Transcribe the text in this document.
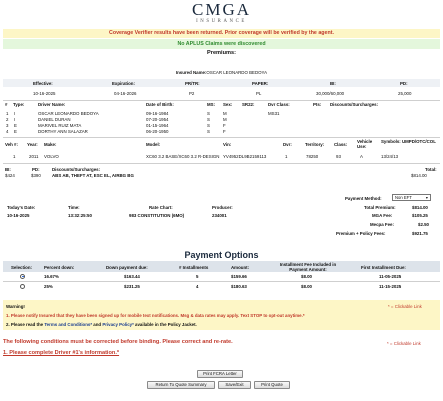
CMGA
INSURANCE
Coverage Verifier results have been returned. Prior coverage will be verified by the agent.
No APLUS Claims were discovered
Premiums:
Insured Name:OSCAR LEONARDO BEDOYA
Effective:	Expiration:	PR/TR:	PAPER:	BI:	PD:
10-16-2025	04-16-2026	P2	PL	30,000/60,000	25,000
# Type:	Driver Name:	Date of Birth:	MS: Sex: SR22:	Dvr Class:	Pts: Discounts/Surcharges:
1 I	OSCAR LEONARDO BEDOYA	09-16-1984	S	M	MS31
2 I	DANIEL DURAN	07-20-1954	S	M
3 E	MARIVEL RUIZ MATA	01-15-1964	S	F
4 E	DORTHY ANN SALAZAR	06-20-1950	S	F
Veh #: Year: Make:	Model:	Vin:	Dvr:	Territory: Class:
Vehicle Use:
Symbols: UMPD/OTC/COL
1	2011 VOLVO	XC60 3.2 BASE/XC60 3.2 R-DESIGN YV4952DL9B2159113	1	78250	93	A	13/24/13
BI:	PD:	Discounts/Surcharges:	Total:
$424	$390	ABS AB, THEFT AT, ESC EL, AIRBG BG	$814.00
Payment Method:	Non EFT	▾
Today's Date:	Time:	Rate Chart:	Producer:
10-16-2025	13:32:25:50	983 CONSTITUTION (6MO)	234001
Total Premium:	$814.00
MGA Fee:	$105.25
Mecpa Fee:	$2.50
Premium + Policy Fees:	$921.75
Payment Options
Selection:	Percent down:	Down payment due:	# Installments	Amount:
Installment Fee Included in Payment Amount:	First Installment Due:
16.67%	$163.44	5	$159.66	$8.00	11-05-2025
25%	$231.25	4	$180.63	$8.00	11-15-2025
Warning!	* = Clickable Link
1. Please notify Insured that they have been signed up for mobile text notifications. Msg & data rates may apply. Text STOP to opt-out anytime.*
2. Please read the Terms and Conditions* and Privacy Policy* available in the Policy Jacket.
The following conditions must be corrected before binding. Please correct and re-rate.	* = Clickable Link
1. Please complete Driver #1's information.*
Print FCRA Letter
Return To Quote Summary	Save/Exit	Print Quote
